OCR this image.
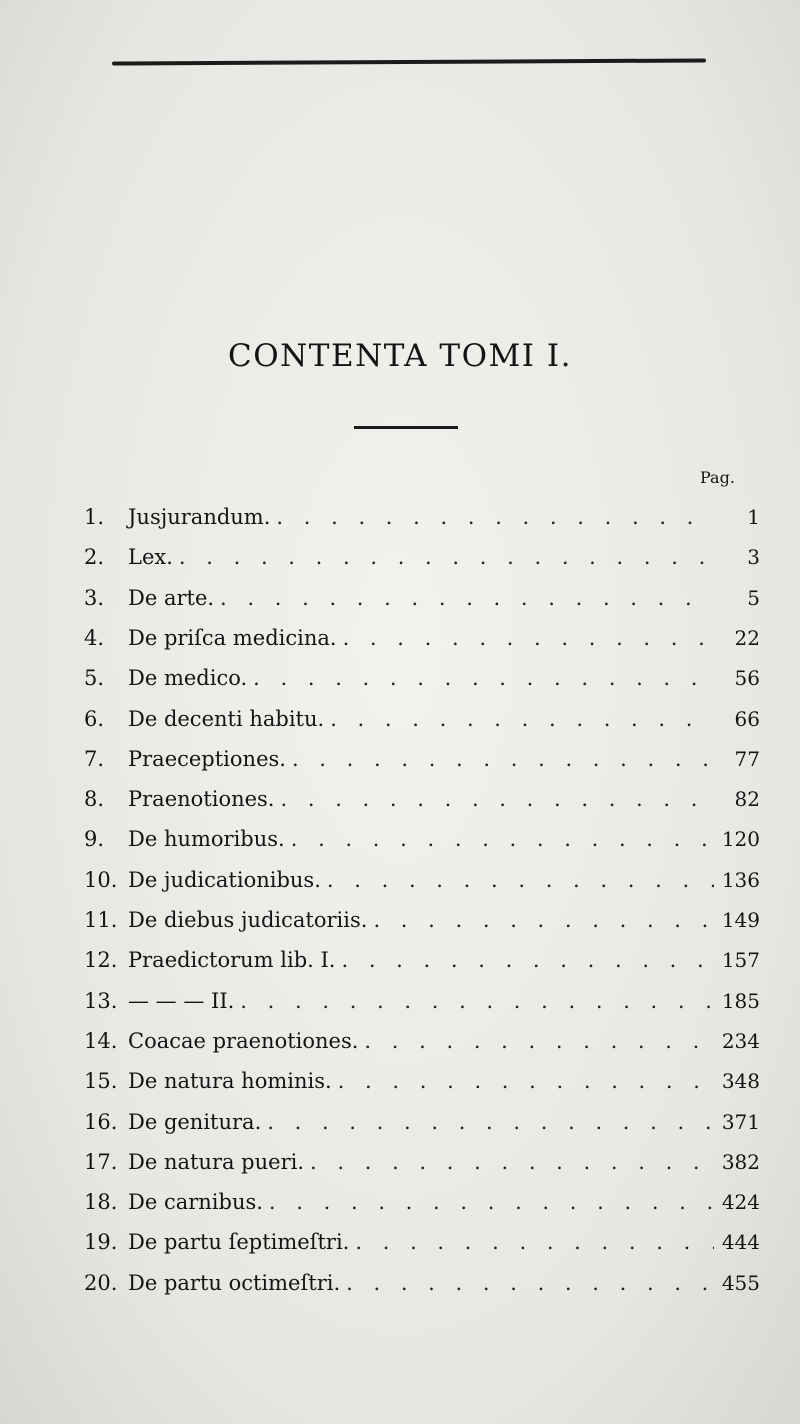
CONTENTA TOMI I.
Pag.
1.	Jusjurandum. . . .	1
2.	Lex. . . .	3
3.	De arte. . . .	5
4.	De priſca medicina. . . .	22
5.	De medico. . . .	56
6.	De decenti habitu. . . .	66
7.	Praeceptiones. . . .	77
8.	Praenotiones. . . .	82
9.	De humoribus. . . .	120
10. De judicationibus. . . .	136
11. De diebus judicatoriis. . . .	149
12. Praedictorum lib. I. . . .	157
13. — — — II. . . .	185
14. Coacae praenotiones. . . .	234
15. De natura hominis. . . .	348
16. De genitura. . . .	371
17. De natura pueri. . . .	382
18. De carnibus. . . .	424
19. De partu ſeptimeſtri. . . .	444
20. De partu octimeſtri. . . .	455
